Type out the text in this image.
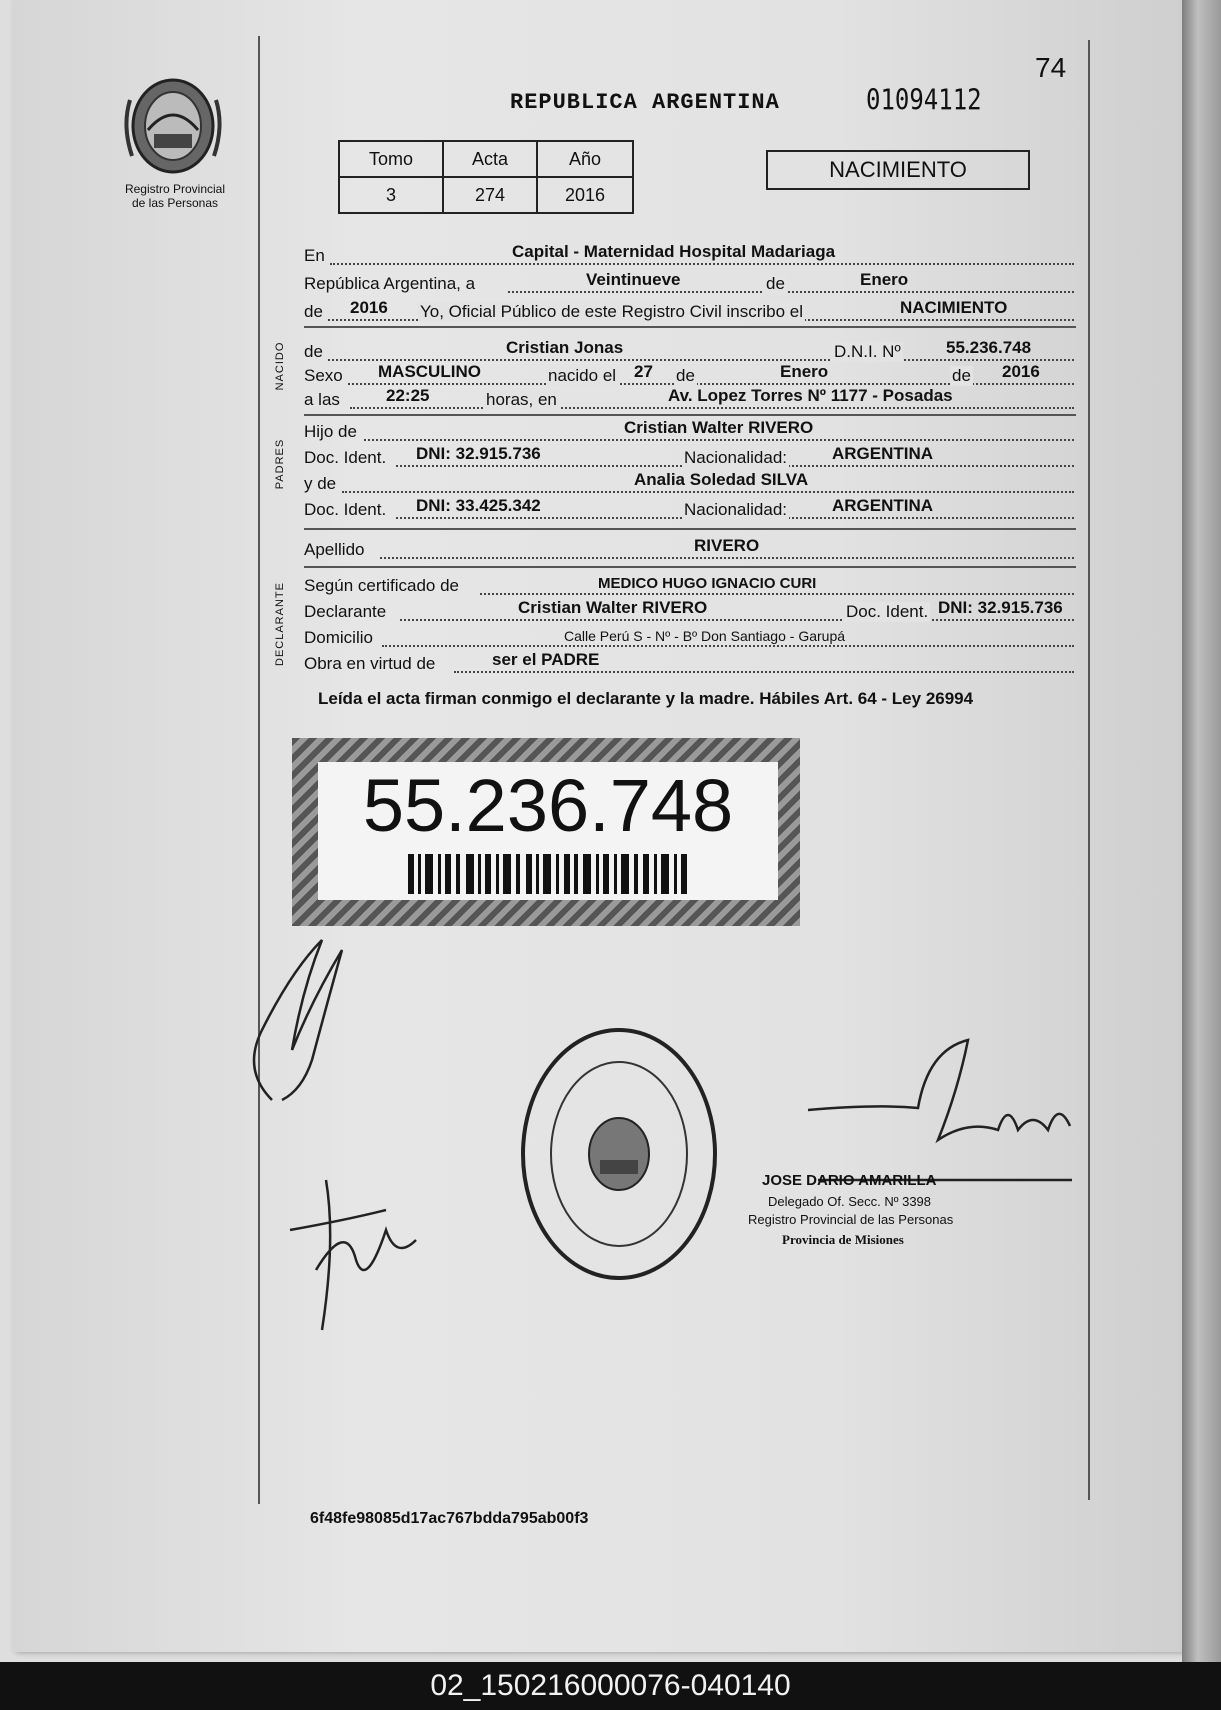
Registro Provincial
de las Personas
74
REPUBLICA ARGENTINA	01094112
Tomo	Acta	Año
3	274	2016
NACIMIENTO
En	Capital - Maternidad Hospital Madariaga
República Argentina, a	Veintinueve	de	Enero
de 2016 Yo, Oficial Público de este Registro Civil inscribo el	NACIMIENTO
NACIDO de	Cristian Jonas	D.N.I. Nº	55.236.748
Sexo MASCULINO	nacido el 27 de	Enero	de 2016
a las	22:25	horas, en	Av. Lopez Torres Nº 1177 - Posadas
PADRES
Hijo de	Cristian Walter RIVERO
Doc. Ident. DNI: 32.915.736	Nacionalidad:	ARGENTINA
y de	Analia Soledad SILVA
Doc. Ident. DNI: 33.425.342	Nacionalidad:	ARGENTINA
Apellido	RIVERO
DECLARANTE Según certificado de	MEDICO HUGO IGNACIO CURI
Declarante	Cristian Walter RIVERO	Doc. Ident. DNI: 32.915.736
Domicilio	Calle Perú S - Nº - Bº Don Santiago - Garupá
Obra en virtud de	ser el PADRE
Leída el acta firman conmigo el declarante y la madre. Hábiles Art. 64 - Ley 26994
55.236.748
JOSE DARIO AMARILLA
Delegado Of. Secc. Nº 3398
Registro Provincial de las Personas
Provincia de Misiones
6f48fe98085d17ac767bdda795ab00f3
02_150216000076-040140
